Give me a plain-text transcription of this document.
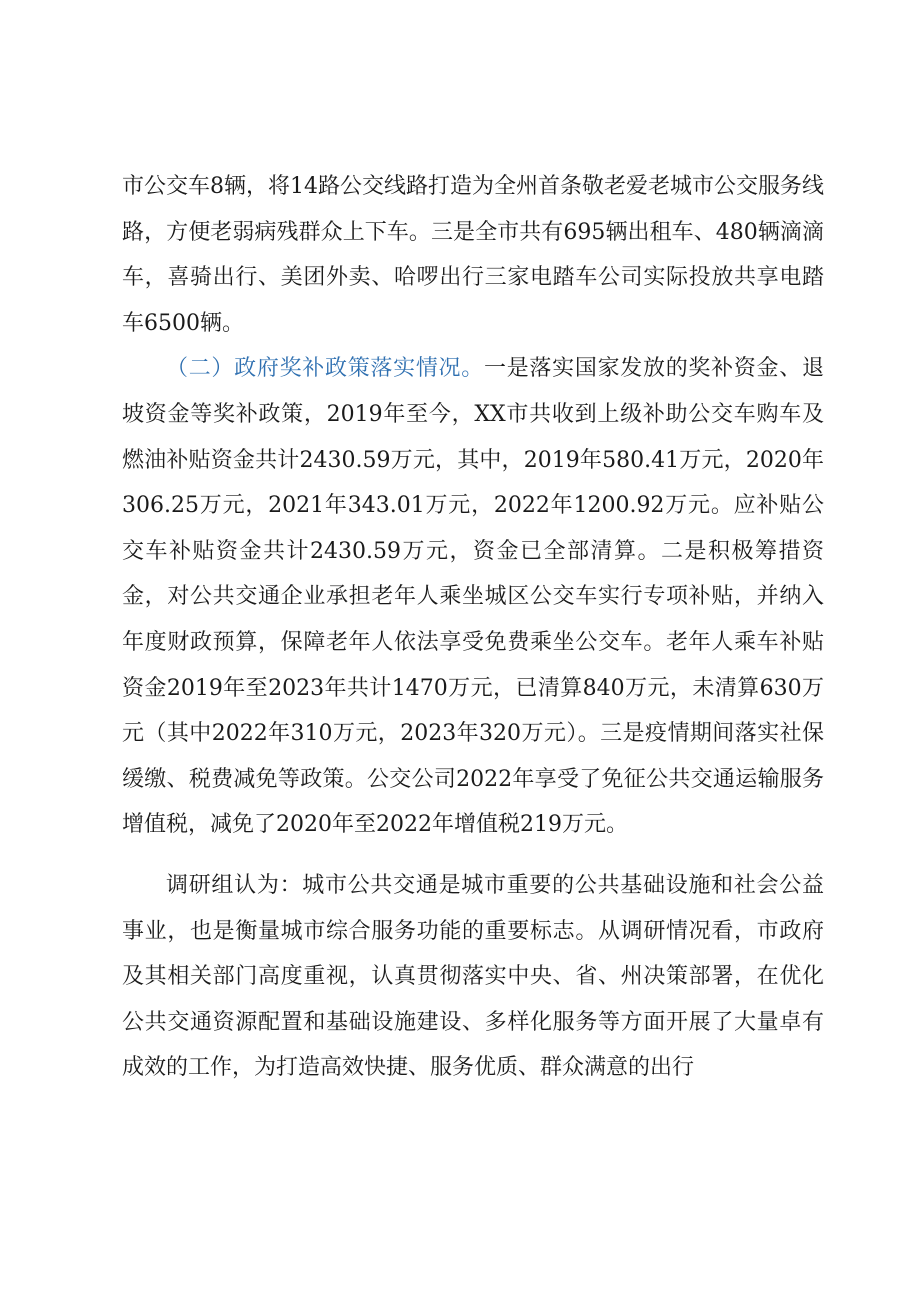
市公交车8辆，将14路公交线路打造为全州首条敬老爱老城市公交服务线路，方便老弱病残群众上下车。三是全市共有695辆出租车、480辆滴滴车，喜骑出行、美团外卖、哈啰出行三家电踏车公司实际投放共享电踏车6500辆。

（二）政府奖补政策落实情况。一是落实国家发放的奖补资金、退坡资金等奖补政策，2019年至今，XX市共收到上级补助公交车购车及燃油补贴资金共计2430.59万元，其中，2019年580.41万元，2020年306.25万元，2021年343.01万元，2022年1200.92万元。应补贴公交车补贴资金共计2430.59万元，资金已全部清算。二是积极筹措资金，对公共交通企业承担老年人乘坐城区公交车实行专项补贴，并纳入年度财政预算，保障老年人依法享受免费乘坐公交车。老年人乘车补贴资金2019年至2023年共计1470万元，已清算840万元，未清算630万元（其中2022年310万元，2023年320万元）。三是疫情期间落实社保缓缴、税费减免等政策。公交公司2022年享受了免征公共交通运输服务增值税，减免了2020年至2022年增值税219万元。

调研组认为：城市公共交通是城市重要的公共基础设施和社会公益事业，也是衡量城市综合服务功能的重要标志。从调研情况看，市政府及其相关部门高度重视，认真贯彻落实中央、省、州决策部署，在优化公共交通资源配置和基础设施建设、多样化服务等方面开展了大量卓有成效的工作，为打造高效快捷、服务优质、群众满意的出行
